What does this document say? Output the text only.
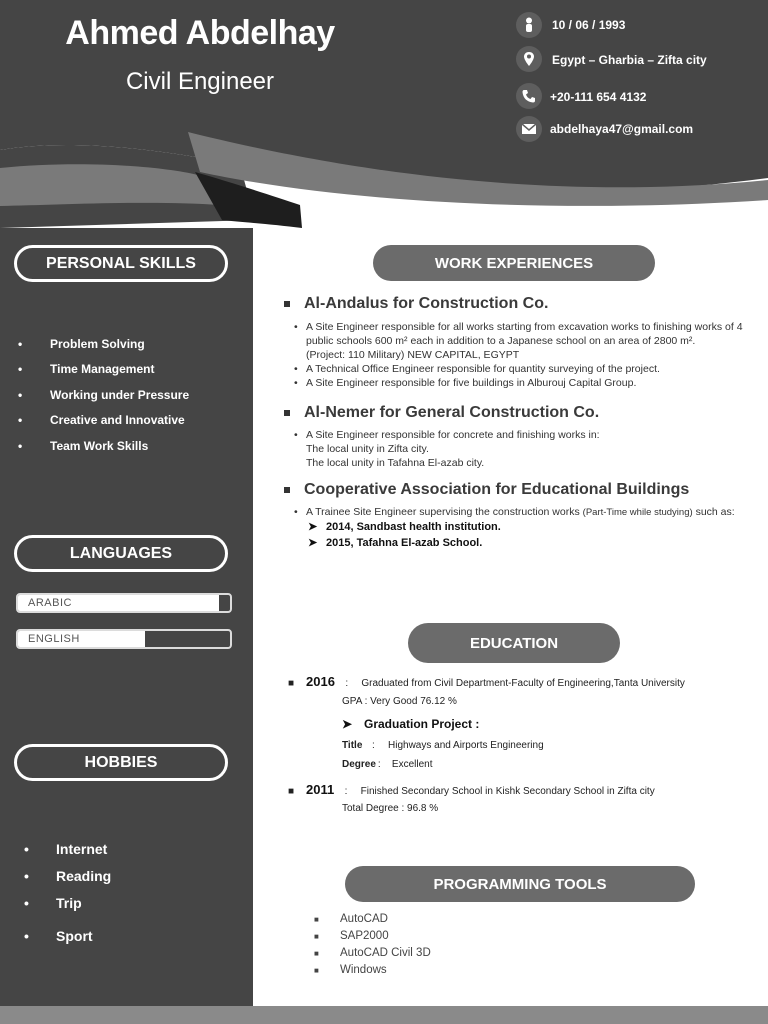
Ahmed Abdelhay
Civil Engineer
10 / 06 / 1993
Egypt – Gharbia – Zifta city
+20-111 654 4132
abdelhaya47@gmail.com
PERSONAL SKILLS
•	Problem Solving
•	Time Management
•	Working under Pressure
•	Creative and Innovative
•	Team Work Skills
LANGUAGES
ARABIC
ENGLISH
HOBBIES
•	Internet
•	Reading
•	Trip
•	Sport
WORK EXPERIENCES
Al-Andalus for Construction Co.
• A Site Engineer responsible for all works starting from excavation works to finishing works of 4
public schools 600 m² each in addition to a Japanese school on an area of 2800 m².
(Project: 110 Military) NEW CAPITAL, EGYPT
• A Technical Office Engineer responsible for quantity surveying of the project.
• A Site Engineer responsible for five buildings in Alburouj Capital Group.
Al-Nemer for General Construction Co.
• A Site Engineer responsible for concrete and finishing works in:
The local unity in Zifta city.
The local unity in Tafahna El-azab city.
Cooperative Association for Educational Buildings
• A Trainee Site Engineer supervising the construction works (Part-Time while studying) such as:
➤ 2014, Sandbast health institution.
➤ 2015, Tafahna El-azab School.
EDUCATION
■ 2016 : Graduated from Civil Department-Faculty of Engineering,Tanta University
GPA : Very Good 76.12 %
➤ Graduation Project :
Title : Highways and Airports Engineering
Degree : Excellent
■ 2011 : Finished Secondary School in Kishk Secondary School in Zifta city
Total Degree : 96.8 %
PROGRAMMING TOOLS
■ AutoCAD
■ SAP2000
■ AutoCAD Civil 3D
■ Windows
